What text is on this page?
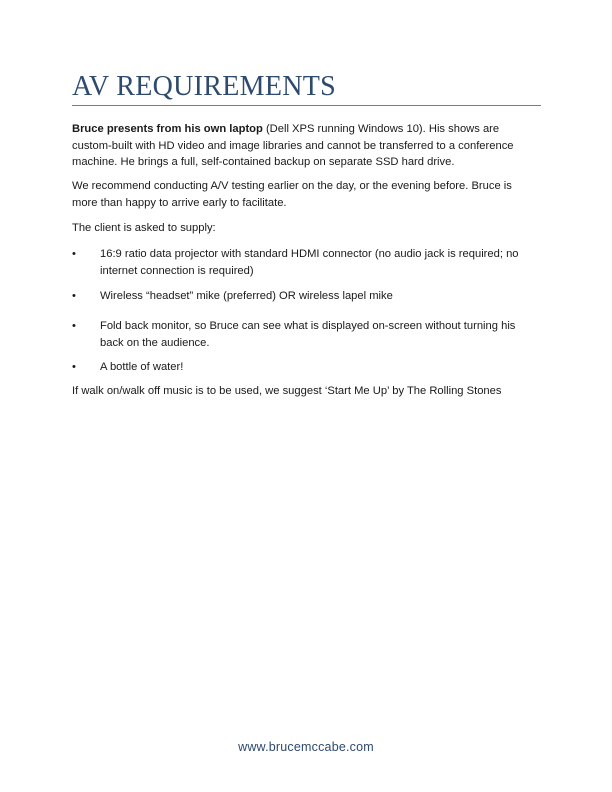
AV REQUIREMENTS

Bruce presents from his own laptop (Dell XPS running Windows 10). His shows are custom-built with HD video and image libraries and cannot be transferred to a conference machine. He brings a full, self-contained backup on separate SSD hard drive.

We recommend conducting A/V testing earlier on the day, or the evening before. Bruce is more than happy to arrive early to facilitate.

The client is asked to supply:

•	16:9 ratio data projector with standard HDMI connector (no audio jack is required; no internet connection is required)
•	Wireless “headset” mike (preferred) OR wireless lapel mike
•	Fold back monitor, so Bruce can see what is displayed on-screen without turning his back on the audience.
•	A bottle of water!

If walk on/walk off music is to be used, we suggest ‘Start Me Up’ by The Rolling Stones

www.brucemccabe.com
